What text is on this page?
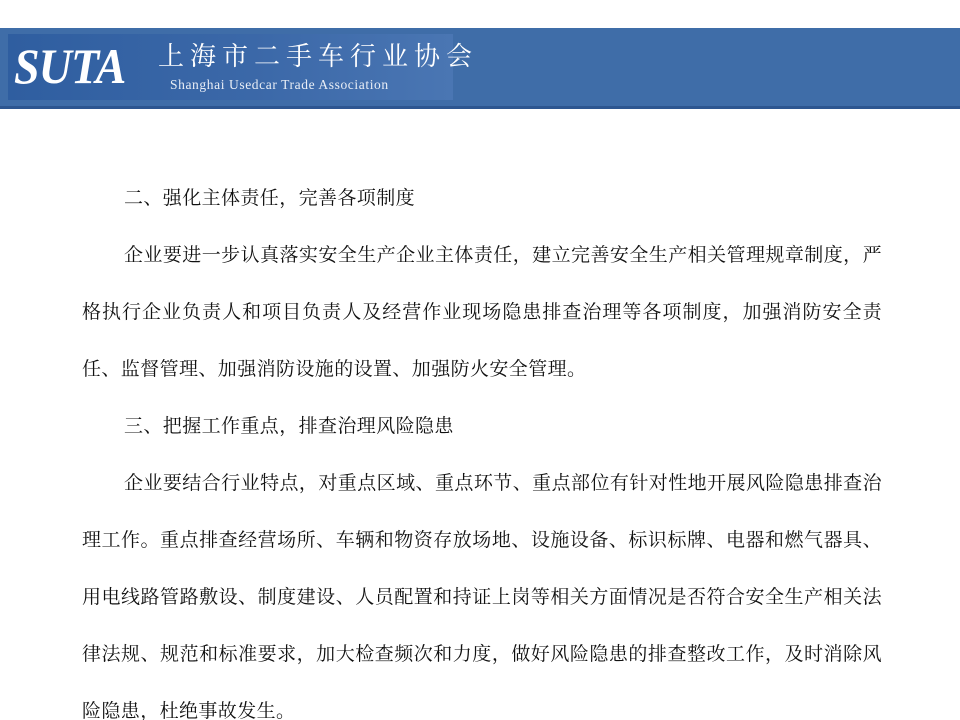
SUTA 上海市二手车行业协会
Shanghai Usedcar Trade Association

二、强化主体责任，完善各项制度

企业要进一步认真落实安全生产企业主体责任，建立完善安全生产相关管理规章制度，严格执行企业负责人和项目负责人及经营作业现场隐患排查治理等各项制度，加强消防安全责任、监督管理、加强消防设施的设置、加强防火安全管理。

三、把握工作重点，排查治理风险隐患

企业要结合行业特点，对重点区域、重点环节、重点部位有针对性地开展风险隐患排查治理工作。重点排查经营场所、车辆和物资存放场地、设施设备、标识标牌、电器和燃气器具、用电线路管路敷设、制度建设、人员配置和持证上岗等相关方面情况是否符合安全生产相关法律法规、规范和标准要求，加大检查频次和力度，做好风险隐患的排查整改工作，及时消除风险隐患，杜绝事故发生。
